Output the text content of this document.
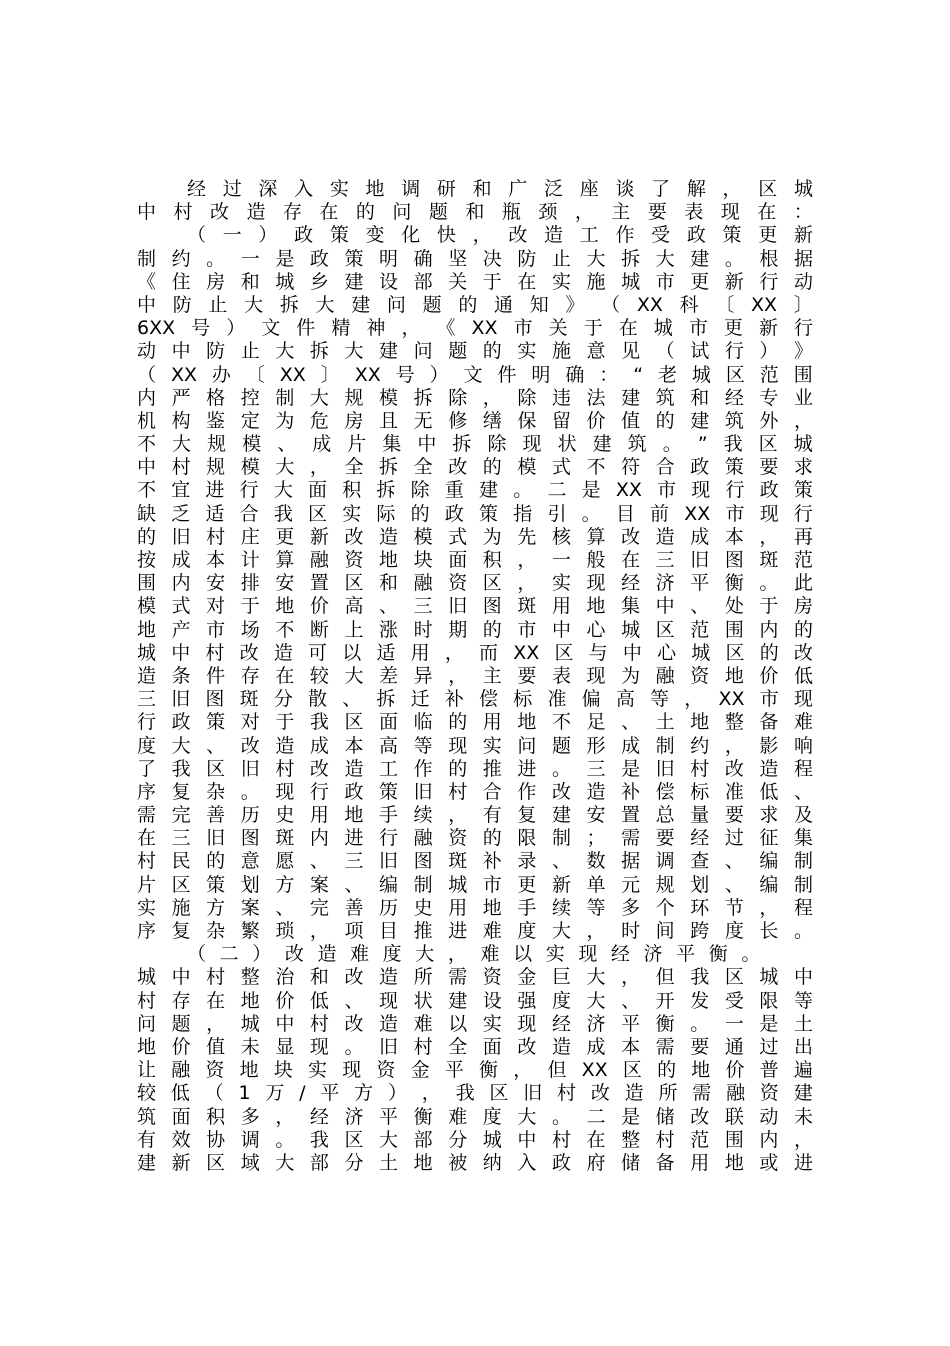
经 过 深 入 实 地 调 研 和 广 泛 座 谈 了 解 ， 区 城
中 村 改 造 存 在 的 问 题 和 瓶 颈 ， 主 要 表 现 在 ：
（ 一 ） 政 策 变 化 快 ， 改 造 工 作 受 政 策 更 新
制 约 。 一 是 政 策 明 确 坚 决 防 止 大 拆 大 建 。 根 据
《 住 房 和 城 乡 建 设 部 关 于 在 实 施 城 市 更 新 行 动
中 防 止 大 拆 大 建 问 题 的 通 知 》 （ XX 科 〔 XX 〕
6XX 号 ） 文 件 精 神 ， 《 XX 市 关 于 在 城 市 更 新 行
动 中 防 止 大 拆 大 建 问 题 的 实 施 意 见 （ 试 行 ） 》
（ XX 办 〔 XX 〕 XX 号 ） 文 件 明 确 ： “ 老 城 区 范 围
内 严 格 控 制 大 规 模 拆 除 ， 除 违 法 建 筑 和 经 专 业
机 构 鉴 定 为 危 房 且 无 修 缮 保 留 价 值 的 建 筑 外 ，
不 大 规 模 、 成 片 集 中 拆 除 现 状 建 筑 。 ” 我 区 城
中 村 规 模 大 ， 全 拆 全 改 的 模 式 不 符 合 政 策 要 求
不 宜 进 行 大 面 积 拆 除 重 建 。 二 是 XX 市 现 行 政 策
缺 乏 适 合 我 区 实 际 的 政 策 指 引 。 目 前 XX 市 现 行
的 旧 村 庄 更 新 改 造 模 式 为 先 核 算 改 造 成 本 ， 再
按 成 本 计 算 融 资 地 块 面 积 ， 一 般 在 三 旧 图 斑 范
围 内 安 排 安 置 区 和 融 资 区 ， 实 现 经 济 平 衡 。 此
模 式 对 于 地 价 高 、 三 旧 图 斑 用 地 集 中 、 处 于 房
地 产 市 场 不 断 上 涨 时 期 的 市 中 心 城 区 范 围 内 的
城 中 村 改 造 可 以 适 用 ， 而 XX 区 与 中 心 城 区 的 改
造 条 件 存 在 较 大 差 异 ， 主 要 表 现 为 融 资 地 价 低
三 旧 图 斑 分 散 、 拆 迁 补 偿 标 准 偏 高 等 ， XX 市 现
行 政 策 对 于 我 区 面 临 的 用 地 不 足 、 土 地 整 备 难
度 大 、 改 造 成 本 高 等 现 实 问 题 形 成 制 约 ， 影 响
了 我 区 旧 村 改 造 工 作 的 推 进 。 三 是 旧 村 改 造 程
序 复 杂 。 现 行 政 策 旧 村 合 作 改 造 补 偿 标 准 低 、
需 完 善 历 史 用 地 手 续 ， 有 复 建 安 置 总 量 要 求 及
在 三 旧 图 斑 内 进 行 融 资 的 限 制 ； 需 要 经 过 征 集
村 民 的 意 愿 、 三 旧 图 斑 补 录 、 数 据 调 查 、 编 制
片 区 策 划 方 案 、 编 制 城 市 更 新 单 元 规 划 、 编 制
实 施 方 案 、 完 善 历 史 用 地 手 续 等 多 个 环 节 ， 程
序 复 杂 繁 琐 ， 项 目 推 进 难 度 大 ， 时 间 跨 度 长 。
（ 二 ） 改 造 难 度 大 ， 难 以 实 现 经 济 平 衡 。
城 中 村 整 治 和 改 造 所 需 资 金 巨 大 ， 但 我 区 城 中
村 存 在 地 价 低 、 现 状 建 设 强 度 大 、 开 发 受 限 等
问 题 ， 城 中 村 改 造 难 以 实 现 经 济 平 衡 。 一 是 土
地 价 值 未 显 现 。 旧 村 全 面 改 造 成 本 需 要 通 过 出
让 融 资 地 块 实 现 资 金 平 衡 ， 但 XX 区 的 地 价 普 遍
较 低 （ 1 万 / 平 方 ） ， 我 区 旧 村 改 造 所 需 融 资 建
筑 面 积 多 ， 经 济 平 衡 难 度 大 。 二 是 储 改 联 动 未
有 效 协 调 。 我 区 大 部 分 城 中 村 在 整 村 范 围 内 ，
建 新 区 域 大 部 分 土 地 被 纳 入 政 府 储 备 用 地 或 进
